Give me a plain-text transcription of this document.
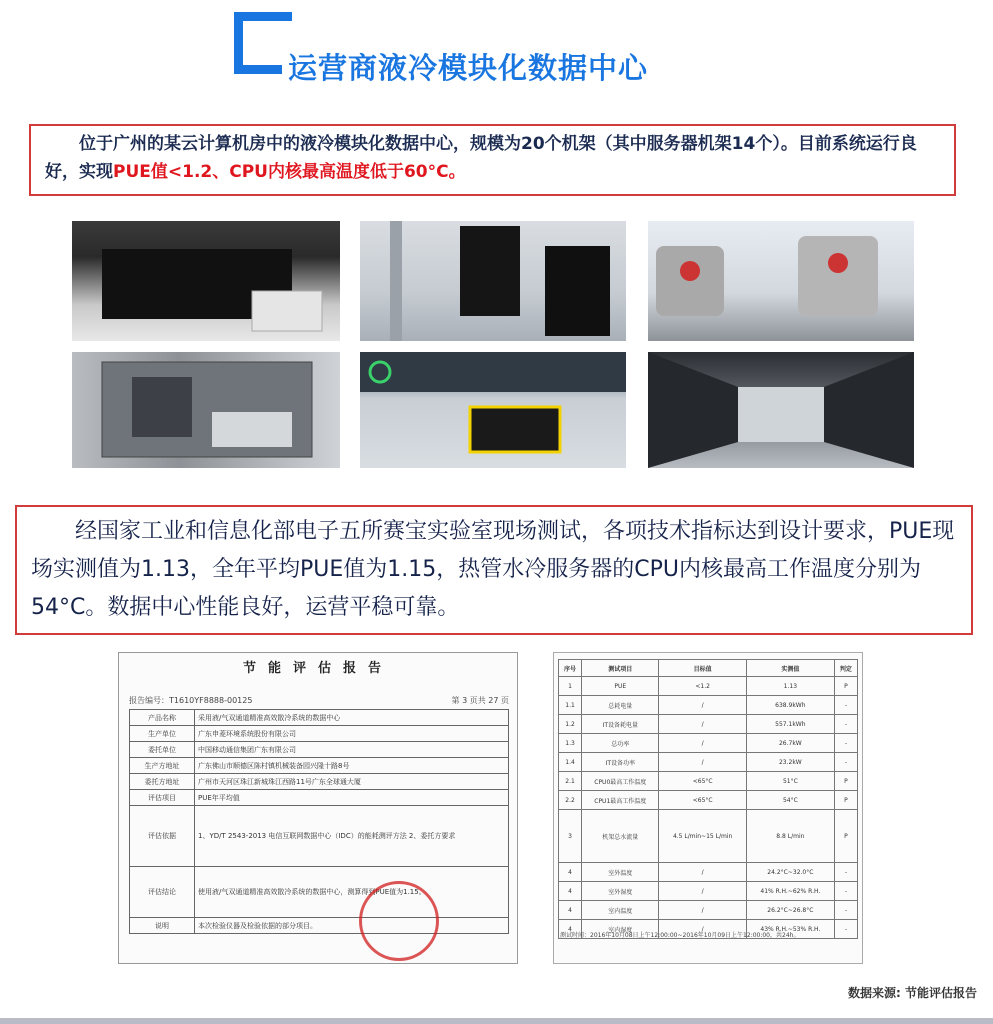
运营商液冷模块化数据中心
位于广州的某云计算机房中的液冷模块化数据中心，规模为20个机架（其中服务器机架14个）。目前系统运行良好，实现PUE值<1.2、CPU内核最高温度低于60°C。
经国家工业和信息化部电子五所赛宝实验室现场测试，各项技术指标达到设计要求，PUE现场实测值为1.13，全年平均PUE值为1.15，热管水冷服务器的CPU内核最高工作温度分别为54°C。数据中心性能良好，运营平稳可靠。
节能评估报告
报告编号：T1610YF8888-00125	第 3 页共 27 页
产品名称	采用液/气双通道精准高效散冷系统的数据中心
生产单位	广东申菱环境系统股份有限公司
委托单位	中国移动通信集团广东有限公司
生产方地址	广东佛山市顺德区陈村镇机械装备园兴隆十路8号
委托方地址	广州市天河区珠江新城珠江西路11号广东全球通大厦
评估项目	PUE年平均值
评估依据	1、YD/T 2543-2013 电信互联网数据中心（IDC）的能耗测评方法 2、委托方要求
评估结论	使用液/气双通道精准高效散冷系统的数据中心，测算得到PUE值为1.15。
说明	本次检验仪器及检验依据的部分项目。
序号	测试项目	目标值	实测值	判定
1	PUE	<1.2	1.13	P
1.1	总耗电量	/	638.9kWh	-
1.2	IT设备耗电量	/	557.1kWh	-
1.3	总功率	/	26.7kW	-
1.4	IT设备功率	/	23.2kW	-
2.1	CPU0最高工作温度	<65°C	51°C	P
2.2	CPU1最高工作温度	<65°C	54°C	P
3	机架总水流量	4.5 L/min~15 L/min	8.8 L/min	P
4	室外温度	/	24.2°C~32.0°C	-
4	室外湿度	/	41% R.H.~62% R.H.	-
4	室内温度	/	26.2°C~26.8°C	-
4	室内湿度	/	43% R.H.~53% R.H.	-
测试时间：2016年10月08日上午12:00:00~2016年10月09日上午12:00:00，共24h。
数据来源: 节能评估报告
